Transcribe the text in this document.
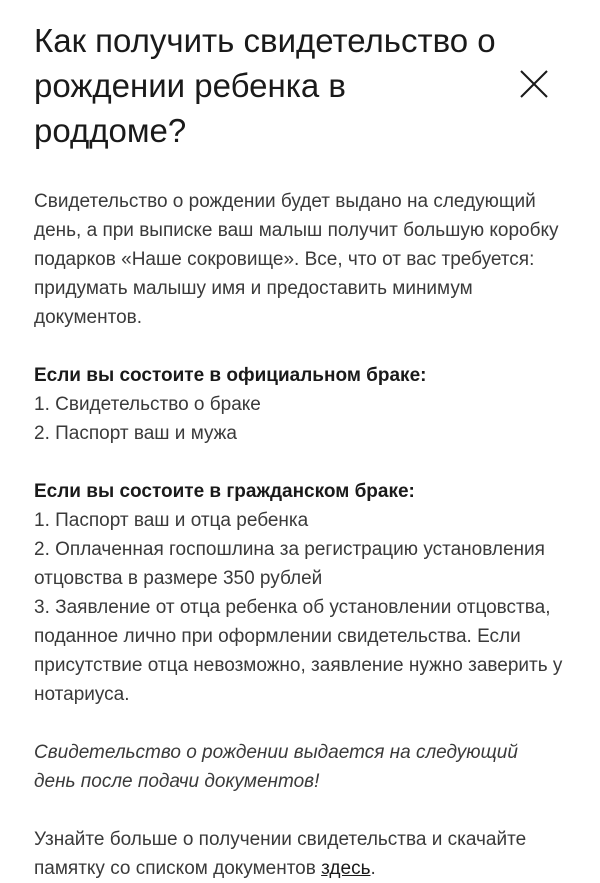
Как получить свидетельство о рождении ребенка в роддоме?

Свидетельство о рождении будет выдано на следующий день, а при выписке ваш малыш получит большую коробку подарков «Наше сокровище». Все, что от вас требуется: придумать малышу имя и предоставить минимум документов.

Если вы состоите в официальном браке:

1. Свидетельство о браке
2. Паспорт ваш и мужа

Если вы состоите в гражданском браке:

1. Паспорт ваш и отца ребенка
2. Оплаченная госпошлина за регистрацию установления отцовства в размере 350 рублей
3. Заявление от отца ребенка об установлении отцовства, поданное лично при оформлении свидетельства. Если присутствие отца невозможно, заявление нужно заверить у нотариуса.

Свидетельство о рождении выдается на следующий день после подачи документов!

Узнайте больше о получении свидетельства и скачайте памятку со списком документов здесь.
